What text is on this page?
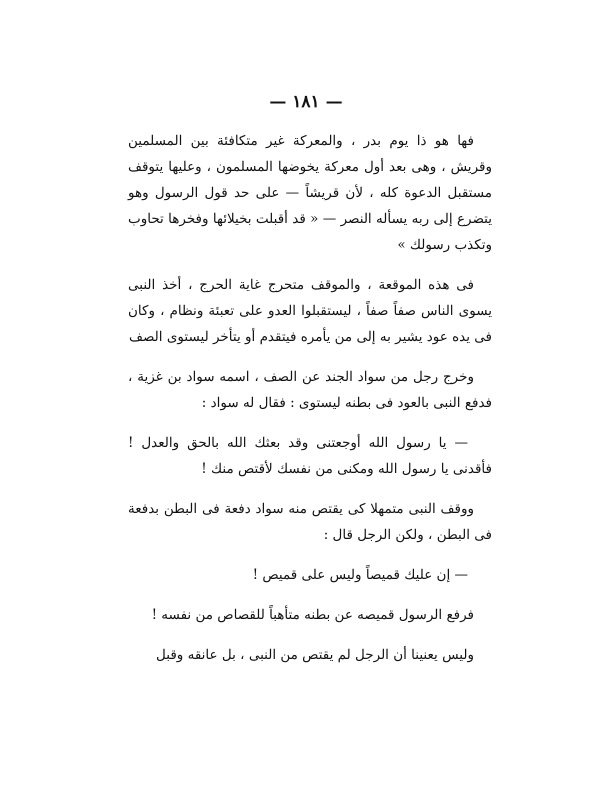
— ١٨١ —

فها هو ذا يوم بدر ، والمعركة غير متكافئة بين المسلمين وقريش ، وهى بعد أول معركة يخوضها المسلمون ، وعليها يتوقف مستقبل الدعوة كله ، لأن قريشاً — على حد قول الرسول وهو يتضرع إلى ربه يسأله النصر — « قد أقبلت بخيلائها وفخرها تحاوب وتكذب رسولك »

فى هذه الموقعة ، والموقف متحرج غاية الحرج ، أخذ النبى يسوى الناس صفاً صفاً ، ليستقبلوا العدو على تعبئة ونظام ، وكان فى يده عود يشير به إلى من يأمره فيتقدم أو يتأخر ليستوى الصف

وخرج رجل من سواد الجند عن الصف ، اسمه سواد بن غزية ، فدفع النبى بالعود فى بطنه ليستوى : فقال له سواد :

— يا رسول الله أوجعتنى وقد بعثك الله بالحق والعدل ! فأقدنى يا رسول الله ومكنى من نفسك لأقتص منك !

ووقف النبى متمهلا كى يقتص منه سواد دفعة فى البطن بدفعة فى البطن ، ولكن الرجل قال :

— إن عليك قميصاً وليس على قميص !

فرفع الرسول قميصه عن بطنه متأهباً للقصاص من نفسه !

وليس يعنينا أن الرجل لم يقتص من النبى ، بل عانقه وقبل
